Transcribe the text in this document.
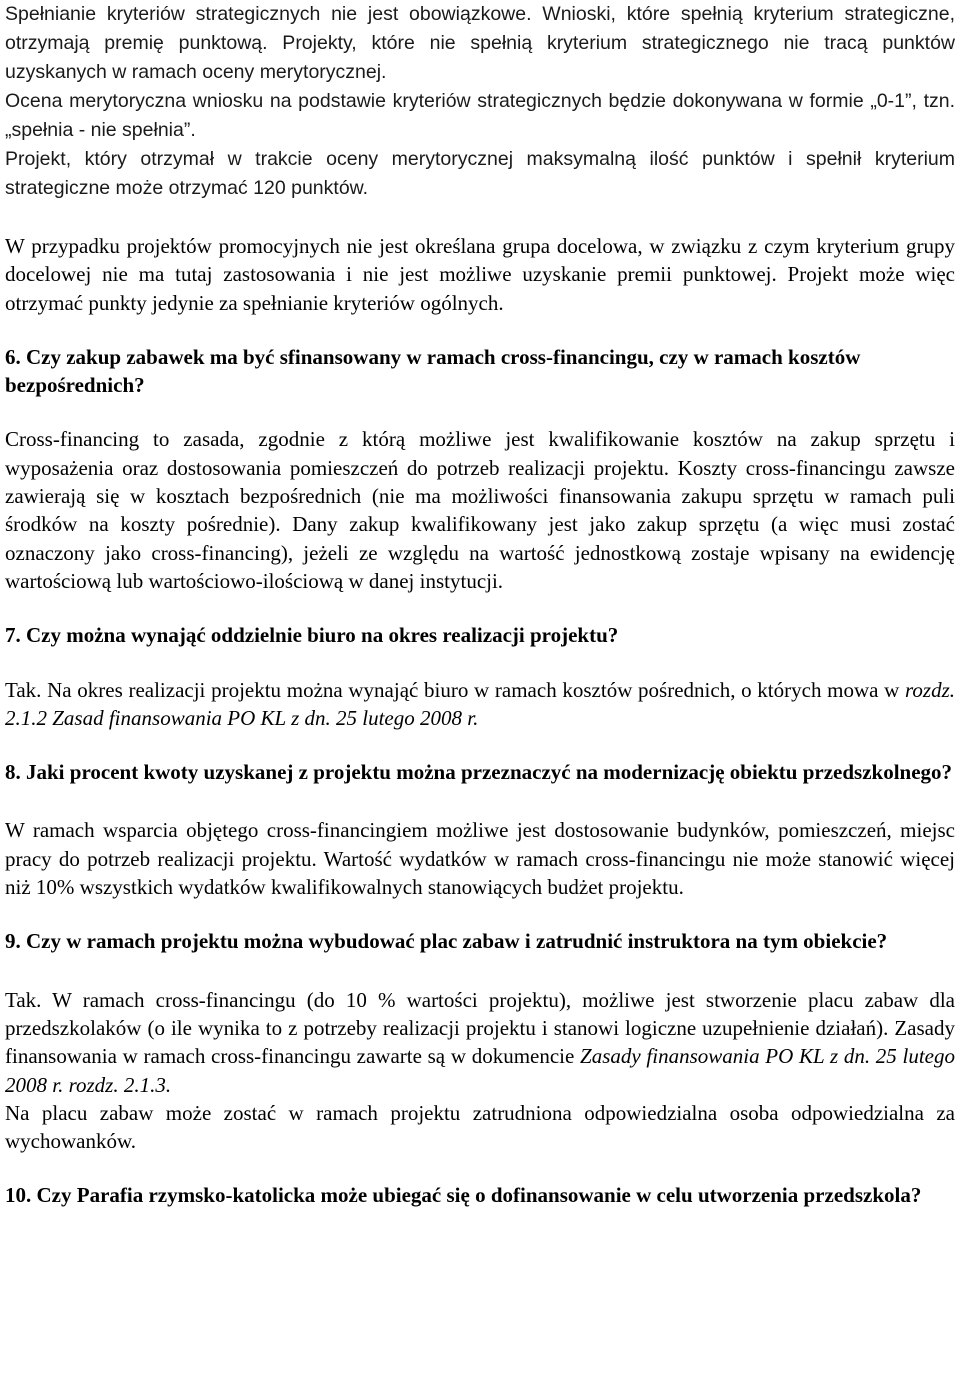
Spełnianie kryteriów strategicznych nie jest obowiązkowe. Wnioski, które spełnią kryterium strategiczne, otrzymają premię punktową. Projekty, które nie spełnią kryterium strategicznego nie tracą punktów uzyskanych w ramach oceny merytorycznej.

Ocena merytoryczna wniosku na podstawie kryteriów strategicznych będzie dokonywana w formie „0-1”, tzn. „spełnia - nie spełnia”.

Projekt, który otrzymał w trakcie oceny merytorycznej maksymalną ilość punktów i spełnił kryterium strategiczne może otrzymać 120 punktów.

W przypadku projektów promocyjnych nie jest określana grupa docelowa, w związku z czym kryterium grupy docelowej nie ma tutaj zastosowania i nie jest możliwe uzyskanie premii punktowej. Projekt może więc otrzymać punkty jedynie za spełnianie kryteriów ogólnych.

6. Czy zakup zabawek ma być sfinansowany w ramach cross-financingu, czy w ramach kosztów bezpośrednich?

Cross-financing to zasada, zgodnie z którą możliwe jest kwalifikowanie kosztów na zakup sprzętu i wyposażenia oraz dostosowania pomieszczeń do potrzeb realizacji projektu. Koszty cross-financingu zawsze zawierają się w kosztach bezpośrednich (nie ma możliwości finansowania zakupu sprzętu w ramach puli środków na koszty pośrednie). Dany zakup kwalifikowany jest jako zakup sprzętu (a więc musi zostać oznaczony jako cross-financing), jeżeli ze względu na wartość jednostkową zostaje wpisany na ewidencję wartościową lub wartościowo-ilościową w danej instytucji.

7. Czy można wynająć oddzielnie biuro na okres realizacji projektu?

Tak. Na okres realizacji projektu można wynająć biuro w ramach kosztów pośrednich, o których mowa w rozdz. 2.1.2 Zasad finansowania PO KL z dn. 25 lutego 2008 r.

8. Jaki procent kwoty uzyskanej z projektu można przeznaczyć na modernizację obiektu przedszkolnego?

W ramach wsparcia objętego cross-financingiem możliwe jest dostosowanie budynków, pomieszczeń, miejsc pracy do potrzeb realizacji projektu. Wartość wydatków w ramach cross-financingu nie może stanowić więcej niż 10% wszystkich wydatków kwalifikowalnych stanowiących budżet projektu.

9. Czy w ramach projektu można wybudować plac zabaw i zatrudnić instruktora na tym obiekcie?

Tak. W ramach cross-financingu (do 10 % wartości projektu), możliwe jest stworzenie placu zabaw dla przedszkolaków (o ile wynika to z potrzeby realizacji projektu i stanowi logiczne uzupełnienie działań). Zasady finansowania w ramach cross-financingu zawarte są w dokumencie Zasady finansowania PO KL z dn. 25 lutego 2008 r. rozdz. 2.1.3.

Na placu zabaw może zostać w ramach projektu zatrudniona odpowiedzialna osoba odpowiedzialna za wychowanków.

10. Czy Parafia rzymsko-katolicka może ubiegać się o dofinansowanie w celu utworzenia przedszkola?
